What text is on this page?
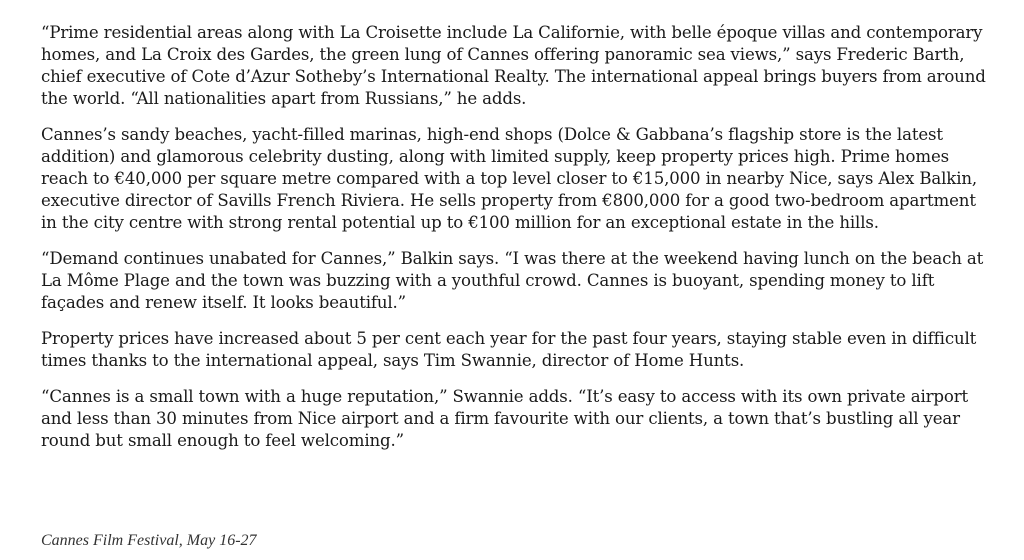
“Prime residential areas along with La Croisette include La Californie, with belle époque villas and contemporary homes, and La Croix des Gardes, the green lung of Cannes offering panoramic sea views,” says Frederic Barth, chief executive of Cote d’Azur Sotheby’s International Realty. The international appeal brings buyers from around the world. “All nationalities apart from Russians,” he adds.

Cannes’s sandy beaches, yacht-filled marinas, high-end shops (Dolce & Gabbana’s flagship store is the latest addition) and glamorous celebrity dusting, along with limited supply, keep property prices high. Prime homes reach to €40,000 per square metre compared with a top level closer to €15,000 in nearby Nice, says Alex Balkin, executive director of Savills French Riviera. He sells property from €800,000 for a good two-bedroom apartment in the city centre with strong rental potential up to €100 million for an exceptional estate in the hills.

“Demand continues unabated for Cannes,” Balkin says. “I was there at the weekend having lunch on the beach at La Môme Plage and the town was buzzing with a youthful crowd. Cannes is buoyant, spending money to lift façades and renew itself. It looks beautiful.”

Property prices have increased about 5 per cent each year for the past four years, staying stable even in difficult times thanks to the international appeal, says Tim Swannie, director of Home Hunts.

“Cannes is a small town with a huge reputation,” Swannie adds. “It’s easy to access with its own private airport and less than 30 minutes from Nice airport and a firm favourite with our clients, a town that’s bustling all year round but small enough to feel welcoming.”

Cannes Film Festival, May 16-27
